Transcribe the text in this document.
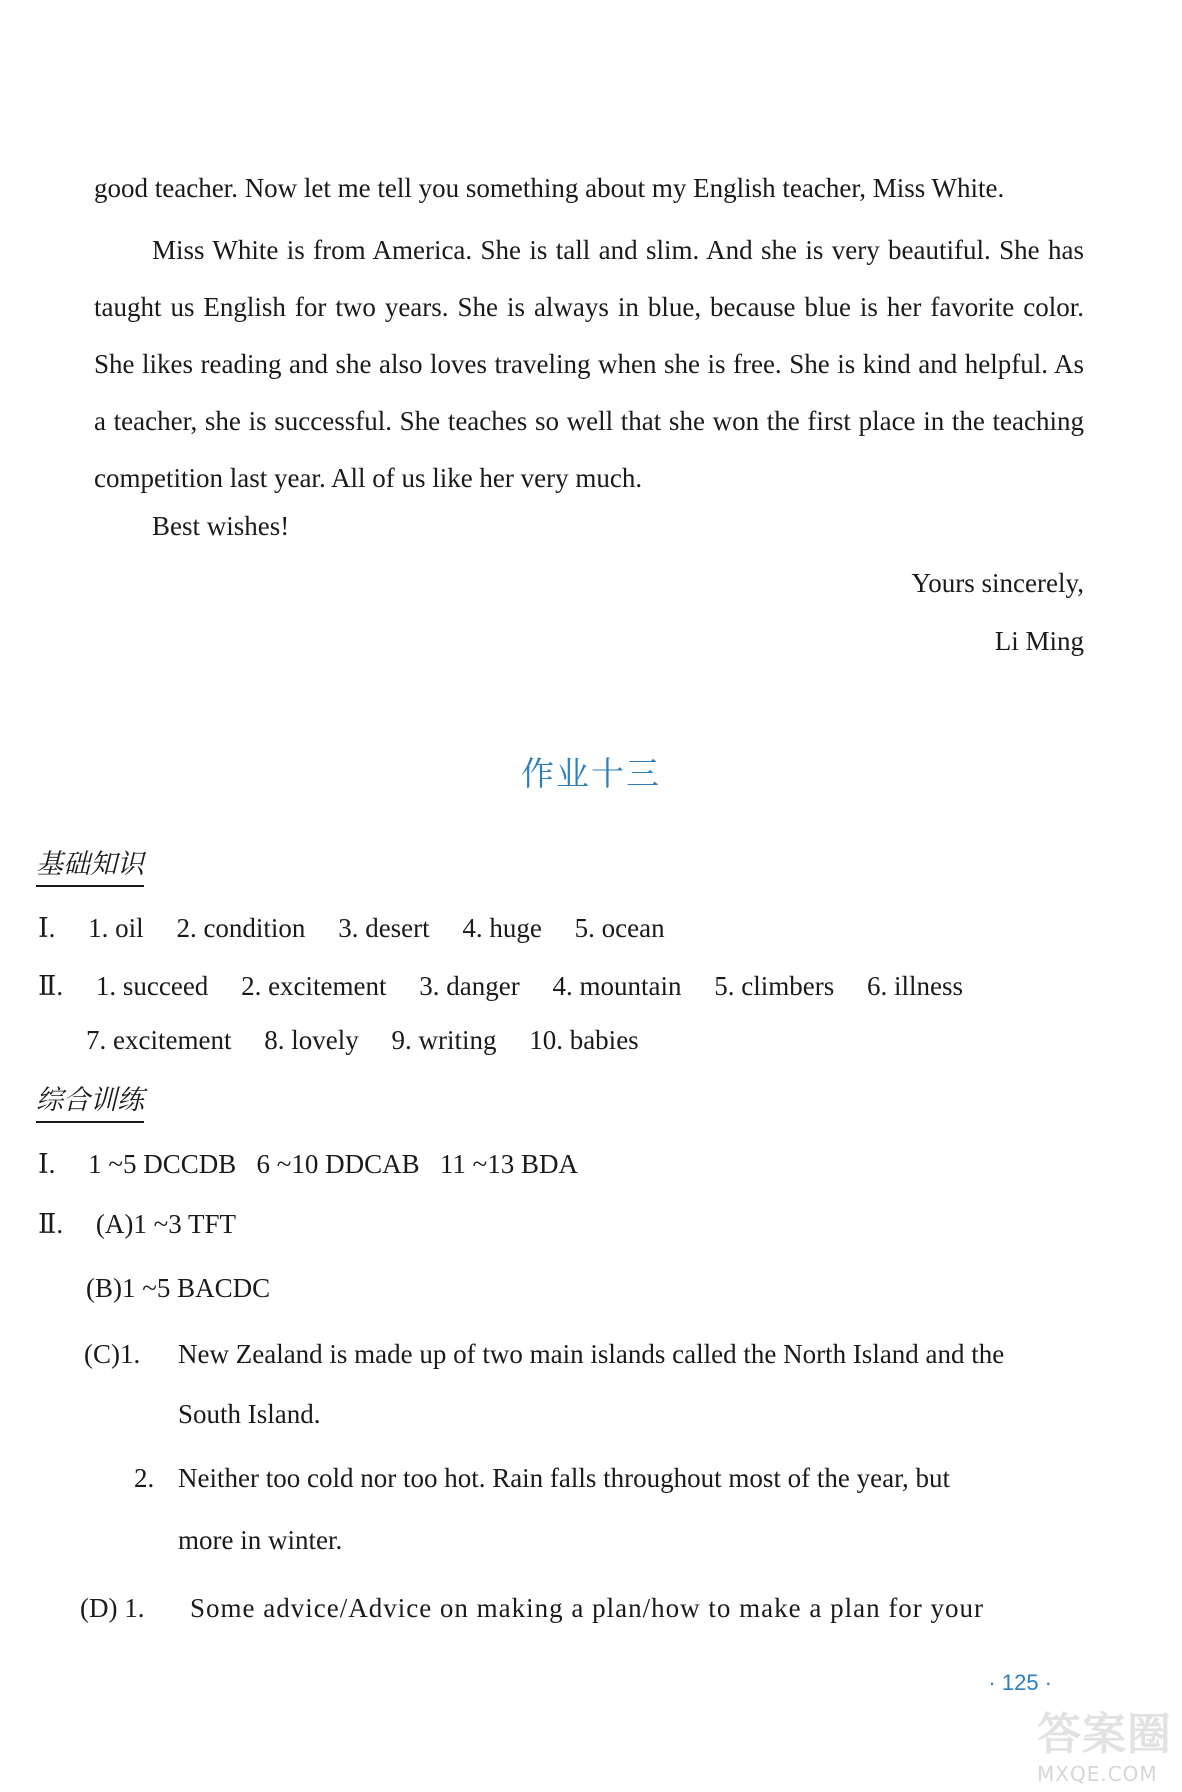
good teacher. Now let me tell you something about my English teacher, Miss White.
Miss White is from America. She is tall and slim. And she is very beautiful. She has taught us English for two years. She is always in blue, because blue is her favorite color. She likes reading and she also loves traveling when she is free. She is kind and helpful. As a teacher, she is successful. She teaches so well that she won the first place in the teaching competition last year. All of us like her very much.
Best wishes!
Yours sincerely,
Li Ming
作业十三
基础知识
Ⅰ. 1. oil 2. condition 3. desert 4. huge 5. ocean
Ⅱ. 1. succeed 2. excitement 3. danger 4. mountain 5. climbers 6. illness
7. excitement 8. lovely 9. writing 10. babies
综合训练
Ⅰ. 1 ~5 DCCDB   6 ~10 DDCAB   11 ~13 BDA
Ⅱ. (A)1 ~3 TFT
(B)1 ~5 BACDC
(C)1. New Zealand is made up of two main islands called the North Island and the
South Island.
2. Neither too cold nor too hot. Rain falls throughout most of the year, but
more in winter.
(D) 1. Some advice/Advice on making a plan/how to make a plan for your
· 125 ·
答案圈
MXQE.COM
